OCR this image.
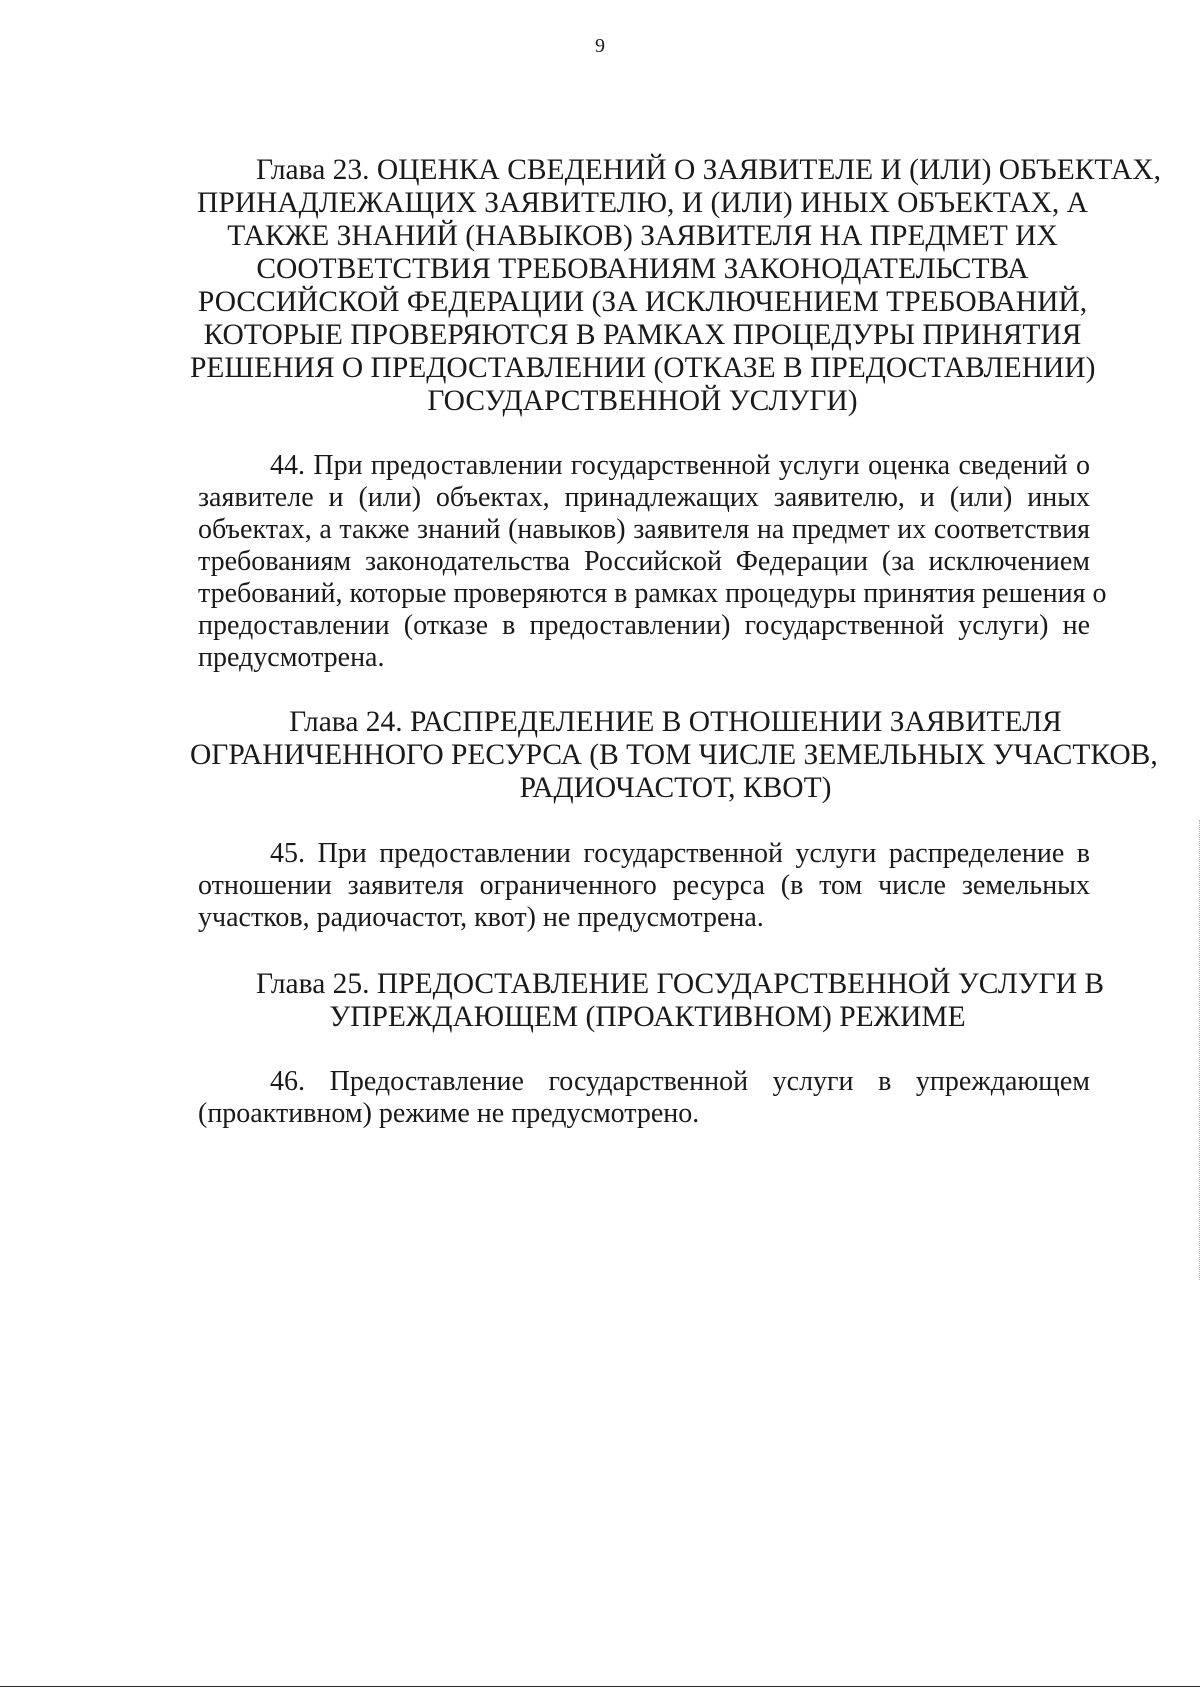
9
Глава 23. ОЦЕНКА СВЕДЕНИЙ О ЗАЯВИТЕЛЕ И (ИЛИ) ОБЪЕКТАХ,
ПРИНАДЛЕЖАЩИХ ЗАЯВИТЕЛЮ, И (ИЛИ) ИНЫХ ОБЪЕКТАХ, А
ТАКЖЕ ЗНАНИЙ (НАВЫКОВ) ЗАЯВИТЕЛЯ НА ПРЕДМЕТ ИХ
СООТВЕТСТВИЯ ТРЕБОВАНИЯМ ЗАКОНОДАТЕЛЬСТВА
РОССИЙСКОЙ ФЕДЕРАЦИИ (ЗА ИСКЛЮЧЕНИЕМ ТРЕБОВАНИЙ,
КОТОРЫЕ ПРОВЕРЯЮТСЯ В РАМКАХ ПРОЦЕДУРЫ ПРИНЯТИЯ
РЕШЕНИЯ О ПРЕДОСТАВЛЕНИИ (ОТКАЗЕ В ПРЕДОСТАВЛЕНИИ)
ГОСУДАРСТВЕННОЙ УСЛУГИ)
44. При предоставлении государственной услуги оценка сведений о
заявителе и (или) объектах, принадлежащих заявителю, и (или) иных
объектах, а также знаний (навыков) заявителя на предмет их соответствия
требованиям законодательства Российской Федерации (за исключением
требований, которые проверяются в рамках процедуры принятия решения о
предоставлении (отказе в предоставлении) государственной услуги) не
предусмотрена.
Глава 24. РАСПРЕДЕЛЕНИЕ В ОТНОШЕНИИ ЗАЯВИТЕЛЯ
ОГРАНИЧЕННОГО РЕСУРСА (В ТОМ ЧИСЛЕ ЗЕМЕЛЬНЫХ УЧАСТКОВ,
РАДИОЧАСТОТ, КВОТ)
45. При предоставлении государственной услуги распределение в
отношении заявителя ограниченного ресурса (в том числе земельных
участков, радиочастот, квот) не предусмотрена.
Глава 25. ПРЕДОСТАВЛЕНИЕ ГОСУДАРСТВЕННОЙ УСЛУГИ В
УПРЕЖДАЮЩЕМ (ПРОАКТИВНОМ) РЕЖИМЕ
46. Предоставление государственной услуги в упреждающем
(проактивном) режиме не предусмотрено.
